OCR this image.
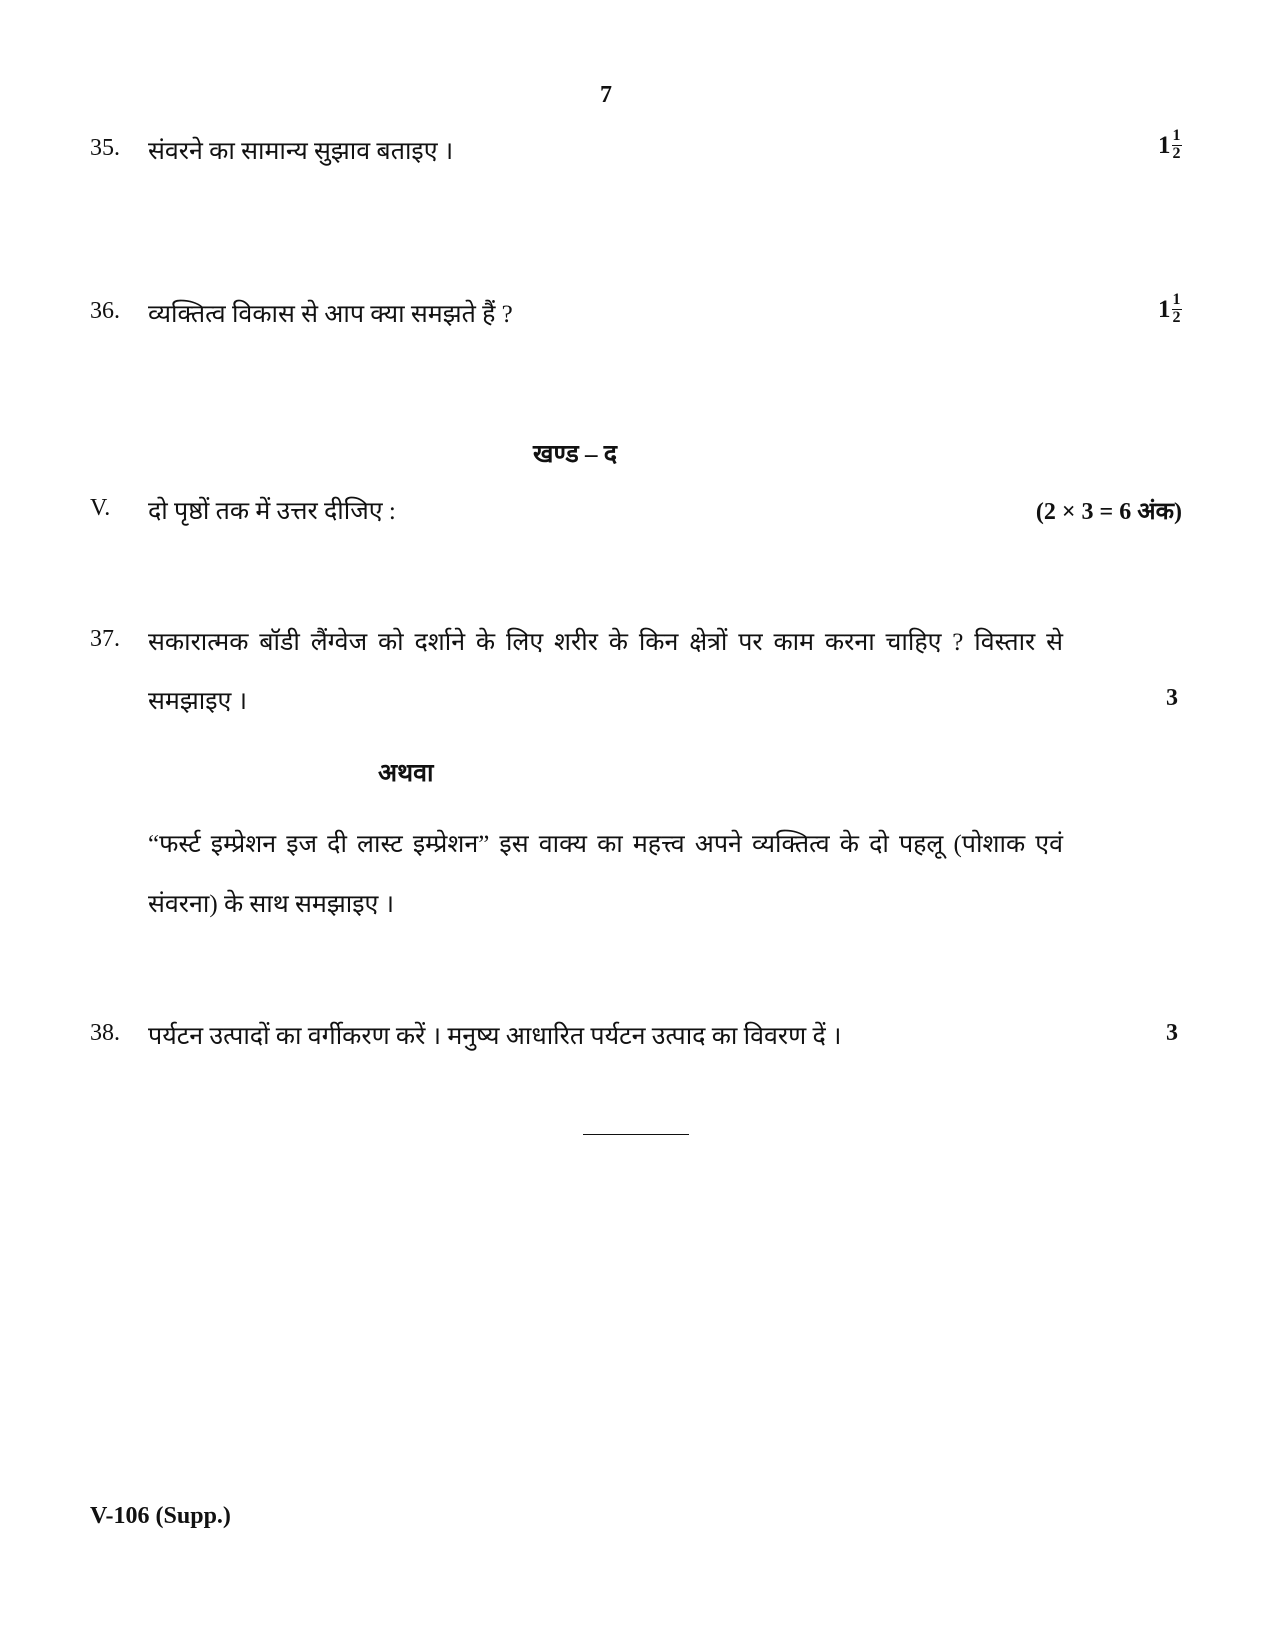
7
35. संवरने का सामान्य सुझाव बताइए ।	$1 \frac{1}{2}$
36. व्यक्तित्व विकास से आप क्या समझते हैं ?	$1 \frac{1}{2}$
खण्ड – द
V. दो पृष्ठों तक में उत्तर दीजिए :	(2 × 3 = 6 अंक)
37. सकारात्मक बॉडी लैंग्वेज को दर्शाने के लिए शरीर के किन क्षेत्रों पर काम करना चाहिए ? विस्तार से
समझाइए ।	3
अथवा
“फर्स्ट इम्प्रेशन इज दी लास्ट इम्प्रेशन” इस वाक्य का महत्त्व अपने व्यक्तित्व के दो पहलू (पोशाक एवं
संवरना) के साथ समझाइए ।
38. पर्यटन उत्पादों का वर्गीकरण करें । मनुष्य आधारित पर्यटन उत्पाद का विवरण दें ।	3
V-106 (Supp.)
